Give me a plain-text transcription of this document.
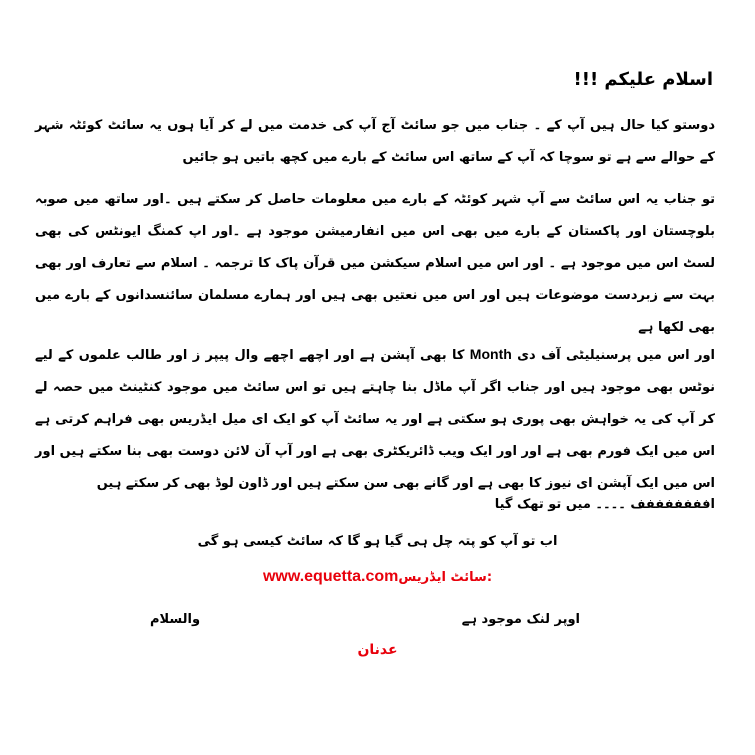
اسلام علیکم !!!

دوستو کیا حال ہیں آپ کے ۔ جناب میں جو سائٹ آج آپ کی خدمت میں لے کر آیا ہوں یہ سائٹ کوئٹہ شہر کے حوالے سے ہے تو سوچا کہ آپ کے ساتھ اس سائٹ کے بارے میں کچھ باتیں ہو جائیں

تو جناب یہ اس سائٹ سے آپ شہر کوئٹہ کے بارے میں معلومات حاصل کر سکتے ہیں ۔اور ساتھ میں صوبہ بلوچستان اور پاکستان کے بارے میں بھی اس میں انفارمیشن موجود ہے ۔اور اپ کمنگ ایونٹس کی بھی لسٹ اس میں موجود ہے ۔ اور اس میں اسلام سیکشن میں قرآن پاک کا ترجمہ ۔ اسلام سے تعارف اور بھی بہت سے زبردست موضوعات ہیں اور اس میں نعتیں بھی ہیں اور ہمارے مسلمان سائنسدانوں کے بارے میں بھی لکھا ہے

اور اس میں پرسنیلیٹی آف دی Month کا بھی آپشن ہے اور اچھے اچھے وال پیپر ز اور طالب علموں کے لیے نوٹس بھی موجود ہیں اور جناب اگر آپ ماڈل بنا چاہتے ہیں تو اس سائٹ میں موجود کنٹینٹ میں حصہ لے کر آپ کی یہ خواہش بھی پوری ہو سکتی ہے اور یہ سائٹ آپ کو ایک ای میل ایڈریس بھی فراہم کرتی ہے اس میں ایک فورم بھی ہے اور اور ایک ویب ڈائریکٹری بھی ہے اور آپ آن لائن دوست بھی بنا سکتے ہیں اور اس میں ایک آپشن ای نیوز کا بھی ہے اور گانے بھی سن سکتے ہیں اور ڈاون لوڈ بھی کر سکتے ہیں

افففففففف ۔۔۔۔ میں تو تھک گیا

اب تو آپ کو پتہ چل ہی گیا ہو گا کہ سائٹ کیسی ہو گی

:سائٹ ایڈریسwww.equetta.com

والسلام	اوپر لنک موجود ہے

عدنان
